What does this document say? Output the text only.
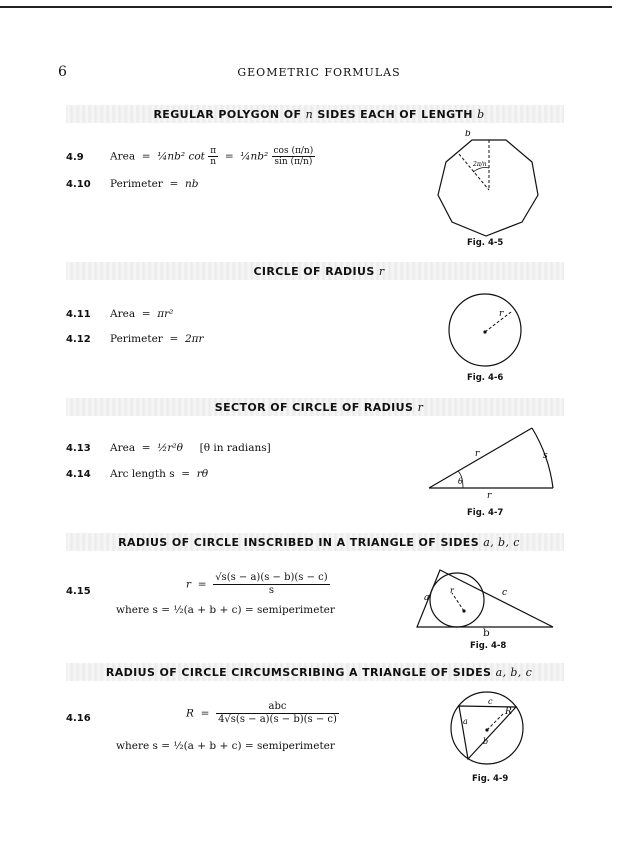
6	GEOMETRIC FORMULAS
REGULAR POLYGON OF n SIDES EACH OF LENGTH b
4.9	Area  =  ¼nb² $\cot \frac{\pi}{n}$ =  ¼nb² $\frac{\cos (\pi/n)}{\sin (\pi/n)}$
4.10 Perimeter  =  nb
b
2π/n
Fig. 4-5
CIRCLE OF RADIUS r
4.11 Area  =  πr²
4.12 Perimeter  =  2πr
r
Fig. 4-6
SECTOR OF CIRCLE OF RADIUS r
4.13 Area  =  ½r²θ [θ in radians]
4.14 Arc length s  =  rθ
r	s
θ
r
Fig. 4-7
RADIUS OF CIRCLE INSCRIBED IN A TRIANGLE OF SIDES a, b, c
4.15
$r = \frac{√s(s - a)(s - b)(s - c)}{s}$
where s = ½(a + b + c) = semiperimeter
a
r	c
b
Fig. 4-8
RADIUS OF CIRCLE CIRCUMSCRIBING A TRIANGLE OF SIDES a, b, c
4.16	$R = \frac{\text{abc}}{4√s(s - a)(s - b)(s - c)}$
where s = ½(a + b + c) = semiperimeter
c
R
a
b
Fig. 4-9
